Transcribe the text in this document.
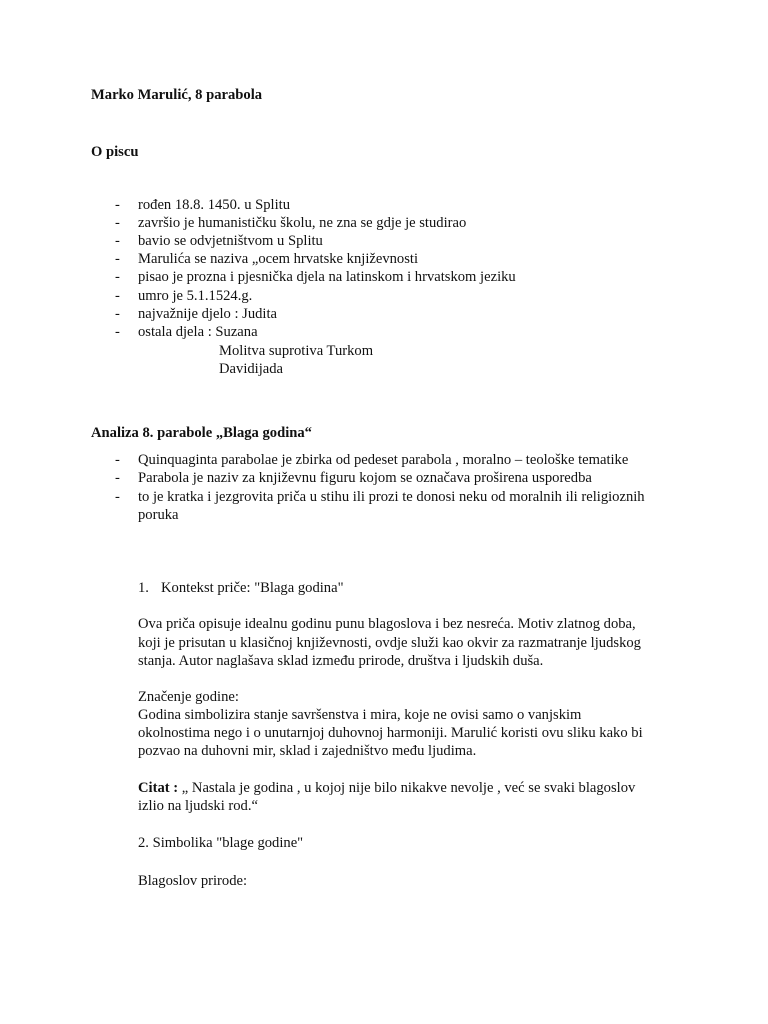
Marko Marulić, 8 parabola
O piscu
- rođen 18.8. 1450. u Splitu
- završio je humanističku školu, ne zna se gdje je studirao
- bavio se odvjetništvom u Splitu
- Marulića se naziva „ocem hrvatske književnosti
- pisao je prozna i pjesnička djela na latinskom i hrvatskom jeziku
- umro je 5.1.1524.g.
- najvažnije djelo : Judita
- ostala djela : Suzana
Molitva suprotiva Turkom
Davidijada
Analiza 8. parabole „Blaga godina“
- Quinquaginta parabolae je zbirka od pedeset parabola , moralno – teološke tematike
- Parabola je naziv za književnu figuru kojom se označava proširena usporedba
- to je kratka i jezgrovita priča u stihu ili prozi te donosi neku od moralnih ili religioznih
poruka
1. Kontekst priče: "Blaga godina"
Ova priča opisuje idealnu godinu punu blagoslova i bez nesreća. Motiv zlatnog doba,
koji je prisutan u klasičnoj književnosti, ovdje služi kao okvir za razmatranje ljudskog
stanja. Autor naglašava sklad između prirode, društva i ljudskih duša.
Značenje godine:
Godina simbolizira stanje savršenstva i mira, koje ne ovisi samo o vanjskim
okolnostima nego i o unutarnjoj duhovnoj harmoniji. Marulić koristi ovu sliku kako bi
pozvao na duhovni mir, sklad i zajedništvo među ljudima.
Citat : „ Nastala je godina , u kojoj nije bilo nikakve nevolje , već se svaki blagoslov
izlio na ljudski rod.“
2. Simbolika "blage godine"
Blagoslov prirode:
